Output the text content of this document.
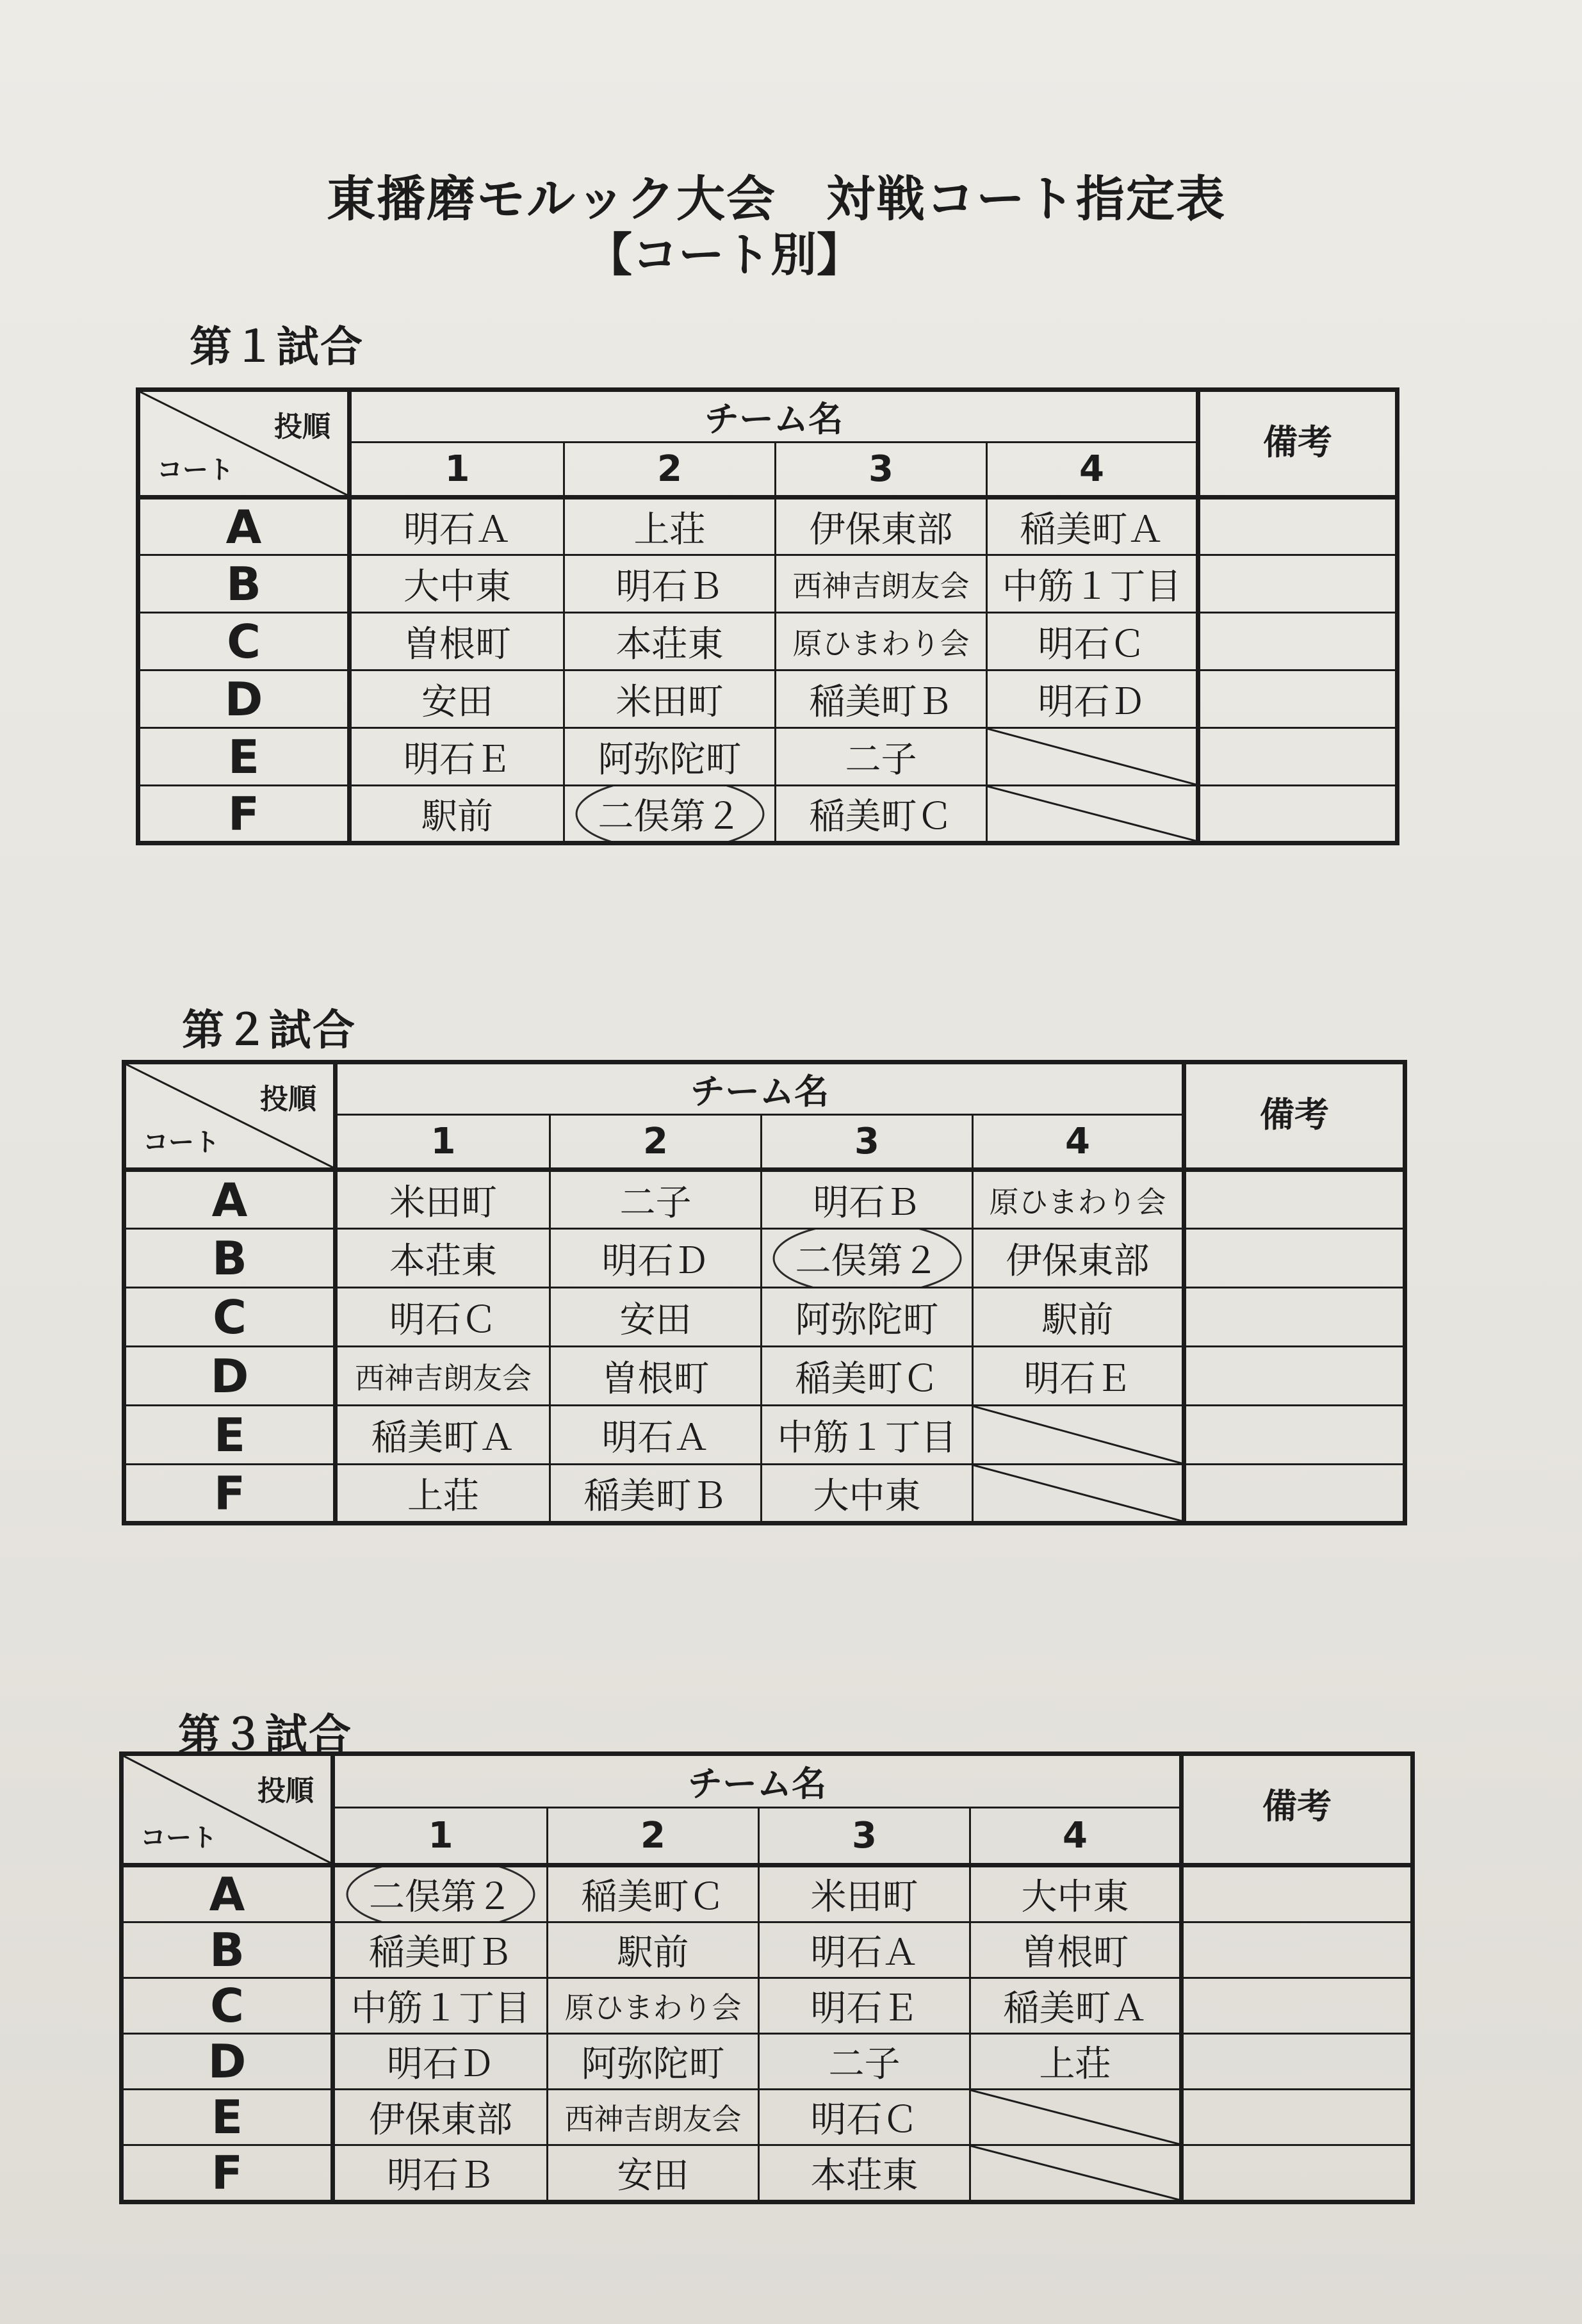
東播磨モルック大会　対戦コート指定表
【コート別】
第１試合
投順
コート	チーム名				備考
	1	2	3	4	
A	明石Ａ	上荘	伊保東部	稲美町Ａ	
B	大中東	明石Ｂ	西神吉朗友会	中筋１丁目	
C	曽根町	本荘東	原ひまわり会	明石Ｃ	
D	安田	米田町	稲美町Ｂ	明石Ｄ	
E	明石Ｅ	阿弥陀町	二子	

F	駅前	二俣第２	稲美町Ｃ	

第２試合
投順
コート	チーム名				備考
	1	2	3	4	
A	米田町	二子	明石Ｂ	原ひまわり会	
B	本荘東	明石Ｄ	二俣第２	伊保東部	
C	明石Ｃ	安田	阿弥陀町	駅前	
D	西神吉朗友会	曽根町	稲美町Ｃ	明石Ｅ	
E	稲美町Ａ	明石Ａ	中筋１丁目	

F	上荘	稲美町Ｂ	大中東	

第３試合
投順
コート	チーム名				備考
	1	2	3	4	
A	二俣第２	稲美町Ｃ	米田町	大中東	
B	稲美町Ｂ	駅前	明石Ａ	曽根町	
C	中筋１丁目	原ひまわり会	明石Ｅ	稲美町Ａ	
D	明石Ｄ	阿弥陀町	二子	上荘	
E	伊保東部	西神吉朗友会	明石Ｃ	

F	明石Ｂ	安田	本荘東	
